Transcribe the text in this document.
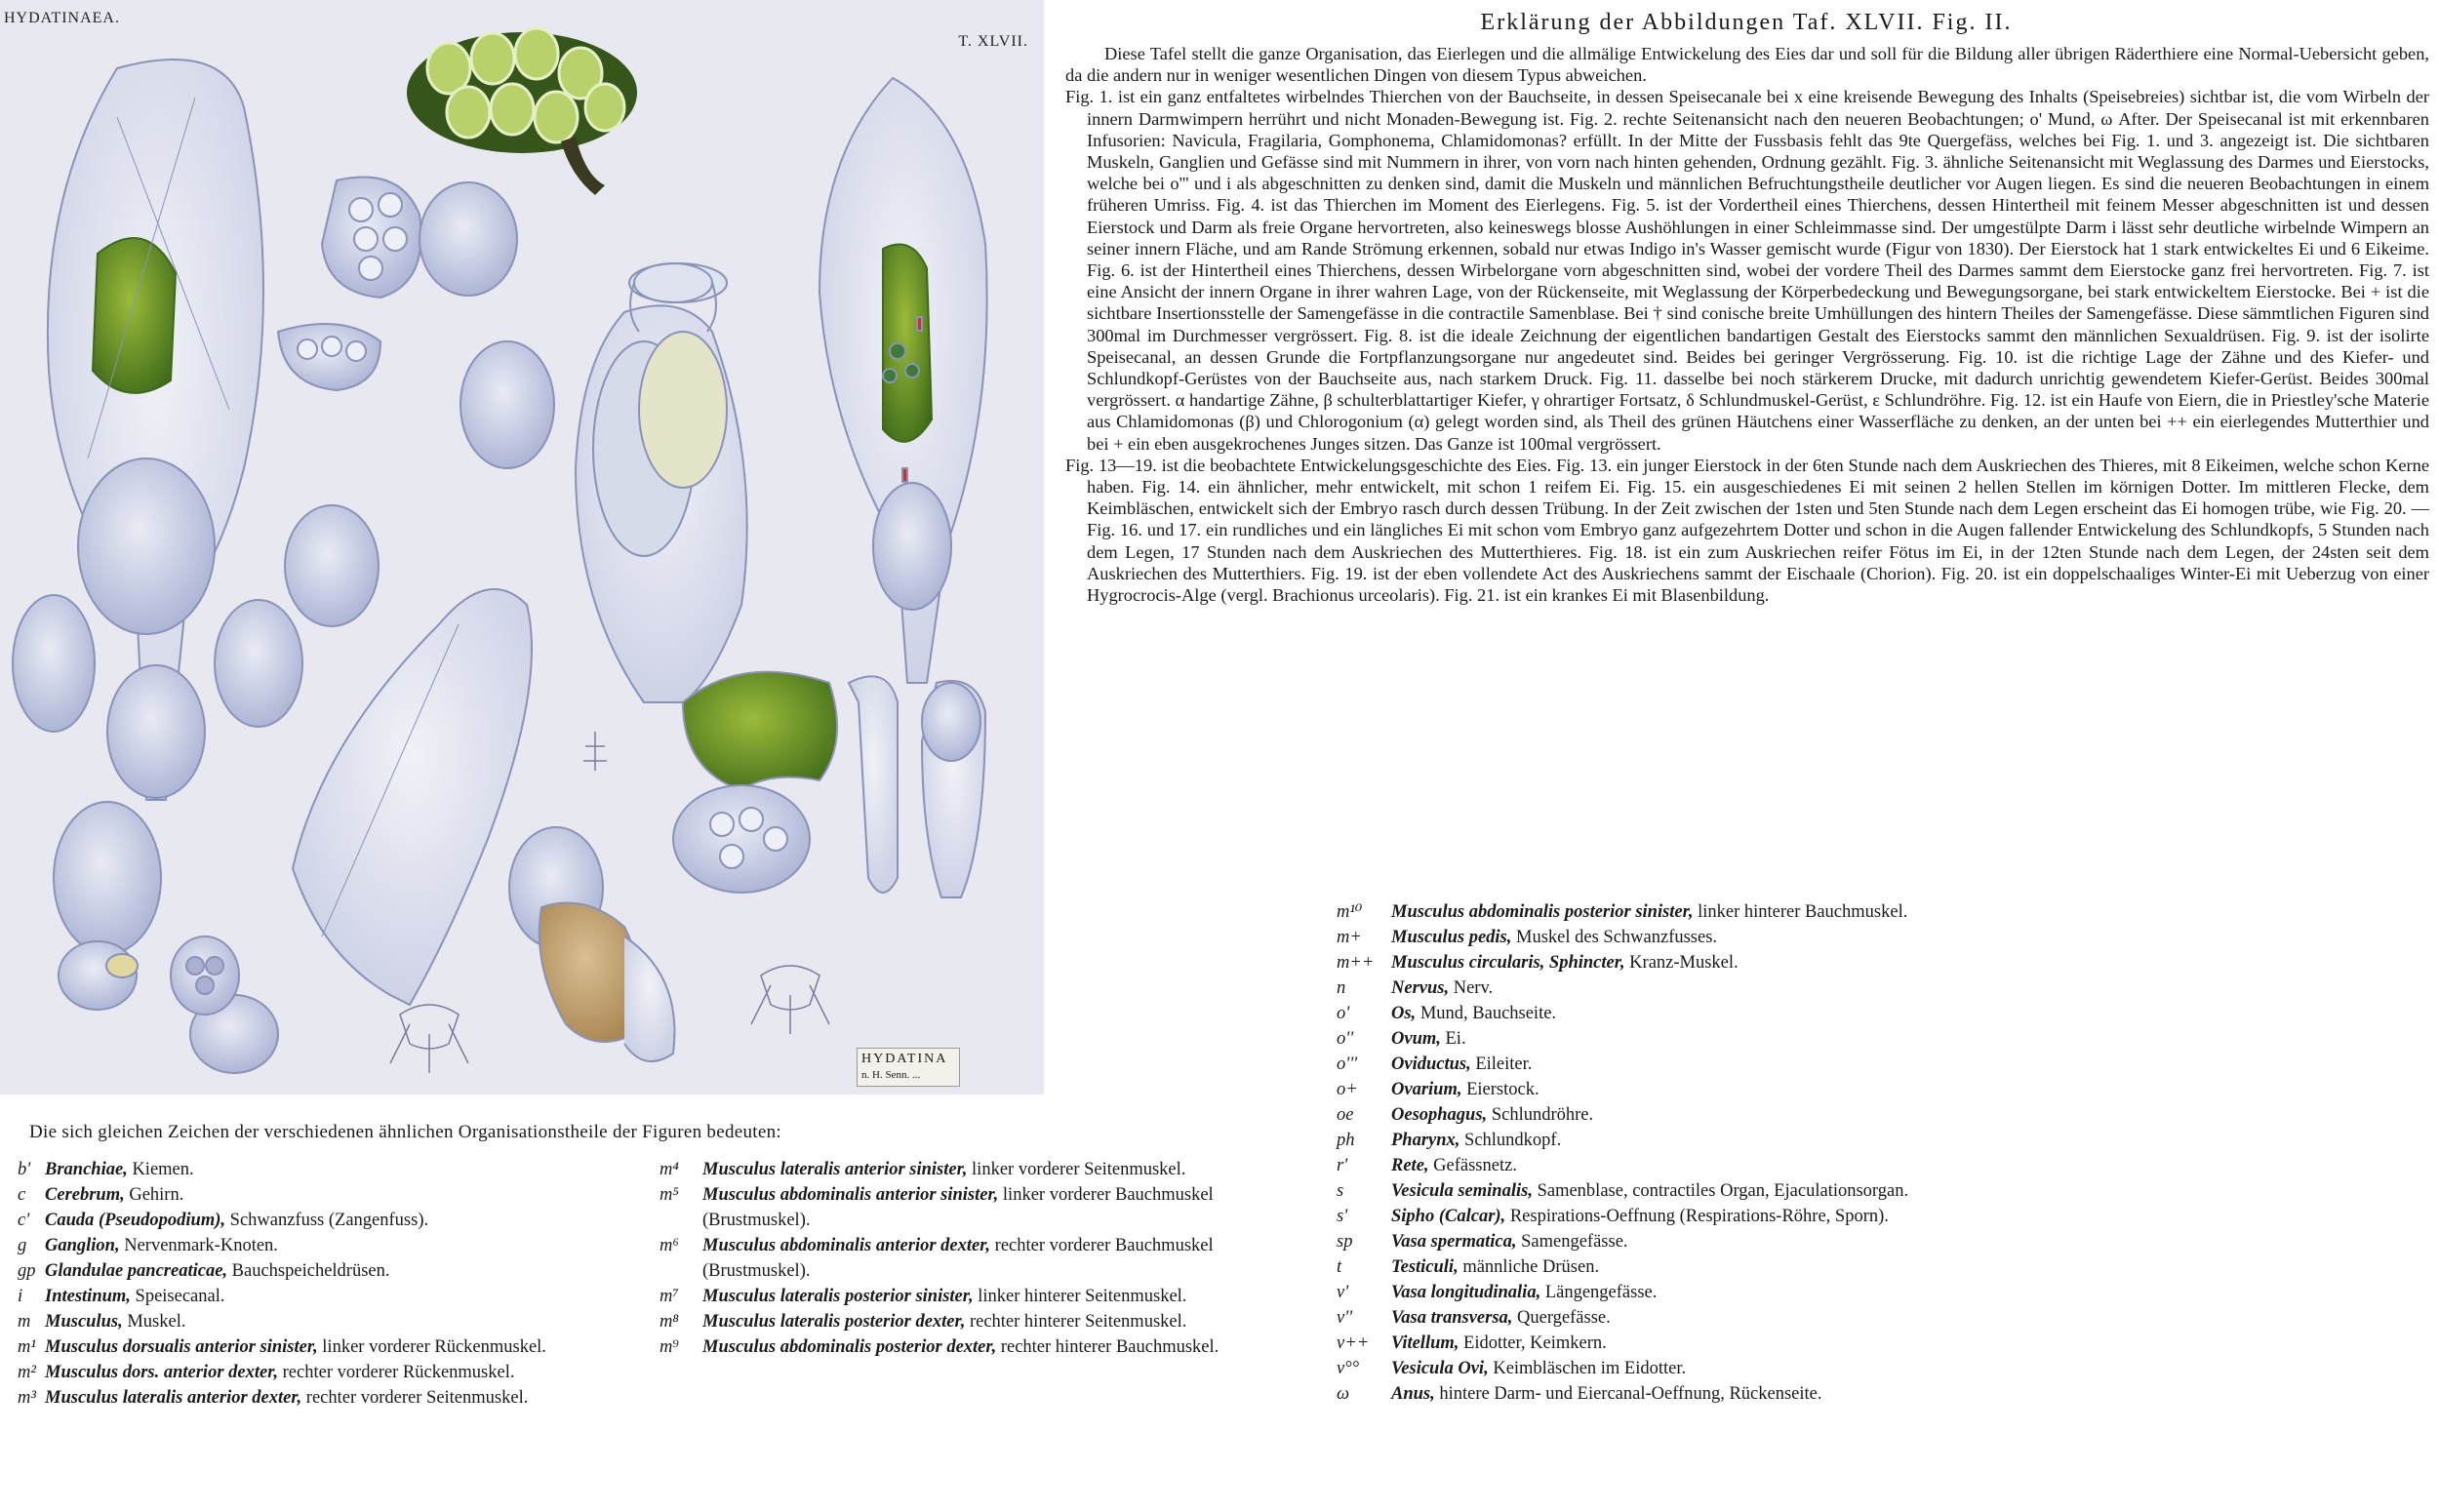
HYDATINAEA.
T. XLVII.
HYDATINA
n. H. Senn. ...
Erklärung der Abbildungen Taf. XLVII. Fig. II.

Diese Tafel stellt die ganze Organisation, das Eierlegen und die allmälige Entwickelung des Eies dar und soll für die Bildung aller übrigen Räderthiere eine Normal-Uebersicht geben, da die andern nur in weniger wesentlichen Dingen von diesem Typus abweichen.

Fig. 1. ist ein ganz entfaltetes wirbelndes Thierchen von der Bauchseite, in dessen Speisecanale bei x eine kreisende Bewegung des Inhalts (Speisebreies) sichtbar ist, die vom Wirbeln der innern Darmwimpern herrührt und nicht Monaden-Bewegung ist. Fig. 2. rechte Seitenansicht nach den neueren Beobachtungen; o' Mund, ω After. Der Speisecanal ist mit erkennbaren Infusorien: Navicula, Fragilaria, Gomphonema, Chlamidomonas? erfüllt. In der Mitte der Fussbasis fehlt das 9te Quergefäss, welches bei Fig. 1. und 3. angezeigt ist. Die sichtbaren Muskeln, Ganglien und Gefässe sind mit Nummern in ihrer, von vorn nach hinten gehenden, Ordnung gezählt. Fig. 3. ähnliche Seitenansicht mit Weglassung des Darmes und Eierstocks, welche bei o''' und i als abgeschnitten zu denken sind, damit die Muskeln und männlichen Befruchtungstheile deutlicher vor Augen liegen. Es sind die neueren Beobachtungen in einem früheren Umriss. Fig. 4. ist das Thierchen im Moment des Eierlegens. Fig. 5. ist der Vordertheil eines Thierchens, dessen Hintertheil mit feinem Messer abgeschnitten ist und dessen Eierstock und Darm als freie Organe hervortreten, also keineswegs blosse Aushöhlungen in einer Schleimmasse sind. Der umgestülpte Darm i lässt sehr deutliche wirbelnde Wimpern an seiner innern Fläche, und am Rande Strömung erkennen, sobald nur etwas Indigo in's Wasser gemischt wurde (Figur von 1830). Der Eierstock hat 1 stark entwickeltes Ei und 6 Eikeime. Fig. 6. ist der Hintertheil eines Thierchens, dessen Wirbelorgane vorn abgeschnitten sind, wobei der vordere Theil des Darmes sammt dem Eierstocke ganz frei hervortreten. Fig. 7. ist eine Ansicht der innern Organe in ihrer wahren Lage, von der Rückenseite, mit Weglassung der Körperbedeckung und Bewegungsorgane, bei stark entwickeltem Eierstocke. Bei + ist die sichtbare Insertionsstelle der Samengefässe in die contractile Samenblase. Bei † sind conische breite Umhüllungen des hintern Theiles der Samengefässe. Diese sämmtlichen Figuren sind 300mal im Durchmesser vergrössert. Fig. 8. ist die ideale Zeichnung der eigentlichen bandartigen Gestalt des Eierstocks sammt den männlichen Sexualdrüsen. Fig. 9. ist der isolirte Speisecanal, an dessen Grunde die Fortpflanzungsorgane nur angedeutet sind. Beides bei geringer Vergrösserung. Fig. 10. ist die richtige Lage der Zähne und des Kiefer- und Schlundkopf-Gerüstes von der Bauchseite aus, nach starkem Druck. Fig. 11. dasselbe bei noch stärkerem Drucke, mit dadurch unrichtig gewendetem Kiefer-Gerüst. Beides 300mal vergrössert. α handartige Zähne, β schulterblattartiger Kiefer, γ ohrartiger Fortsatz, δ Schlundmuskel-Gerüst, ε Schlundröhre. Fig. 12. ist ein Haufe von Eiern, die in Priestley'sche Materie aus Chlamidomonas (β) und Chlorogonium (α) gelegt worden sind, als Theil des grünen Häutchens einer Wasserfläche zu denken, an der unten bei ++ ein eierlegendes Mutterthier und bei + ein eben ausgekrochenes Junges sitzen. Das Ganze ist 100mal vergrössert.

Fig. 13—19. ist die beobachtete Entwickelungsgeschichte des Eies. Fig. 13. ein junger Eierstock in der 6ten Stunde nach dem Auskriechen des Thieres, mit 8 Eikeimen, welche schon Kerne haben. Fig. 14. ein ähnlicher, mehr entwickelt, mit schon 1 reifem Ei. Fig. 15. ein ausgeschiedenes Ei mit seinen 2 hellen Stellen im körnigen Dotter. Im mittleren Flecke, dem Keimbläschen, entwickelt sich der Embryo rasch durch dessen Trübung. In der Zeit zwischen der 1sten und 5ten Stunde nach dem Legen erscheint das Ei homogen trübe, wie Fig. 20. — Fig. 16. und 17. ein rundliches und ein längliches Ei mit schon vom Embryo ganz aufgezehrtem Dotter und schon in die Augen fallender Entwickelung des Schlundkopfs, 5 Stunden nach dem Legen, 17 Stunden nach dem Auskriechen des Mutterthieres. Fig. 18. ist ein zum Auskriechen reifer Fötus im Ei, in der 12ten Stunde nach dem Legen, der 24sten seit dem Auskriechen des Mutterthiers. Fig. 19. ist der eben vollendete Act des Auskriechens sammt der Eischaale (Chorion). Fig. 20. ist ein doppelschaaliges Winter-Ei mit Ueberzug von einer Hygrocrocis-Alge (vergl. Brachionus urceolaris). Fig. 21. ist ein krankes Ei mit Blasenbildung.

Die sich gleichen Zeichen der verschiedenen ähnlichen Organisationstheile der Figuren bedeuten:
b' Branchiae, Kiemen.
c	Cerebrum, Gehirn.
c' Cauda (Pseudopodium), Schwanzfuss (Zangenfuss).
g	Ganglion, Nervenmark-Knoten.
gp Glandulae pancreaticae, Bauchspeicheldrüsen.
i	Intestinum, Speisecanal.
m Musculus, Muskel.
m¹ Musculus dorsualis anterior sinister, linker vorderer Rückenmuskel.
m² Musculus dors. anterior dexter, rechter vorderer Rückenmuskel.
m³ Musculus lateralis anterior dexter, rechter vorderer Seitenmuskel.
m⁴	Musculus lateralis anterior sinister, linker vorderer Seitenmuskel.
m⁵	Musculus abdominalis anterior sinister, linker vorderer Bauchmuskel (Brustmuskel).
m⁶	Musculus abdominalis anterior dexter, rechter vorderer Bauchmuskel (Brustmuskel).
m⁷	Musculus lateralis posterior sinister, linker hinterer Seitenmuskel.
m⁸	Musculus lateralis posterior dexter, rechter hinterer Seitenmuskel.
m⁹	Musculus abdominalis posterior dexter, rechter hinterer Bauchmuskel.
m¹⁰	Musculus abdominalis posterior sinister, linker hinterer Bauchmuskel.
m+	Musculus pedis, Muskel des Schwanzfusses.
m++ Musculus circularis, Sphincter, Kranz-Muskel.
n	Nervus, Nerv.
o'	Os, Mund, Bauchseite.
o''	Ovum, Ei.
o'''	Oviductus, Eileiter.
o+	Ovarium, Eierstock.
oe	Oesophagus, Schlundröhre.
ph	Pharynx, Schlundkopf.
r'	Rete, Gefässnetz.
s	Vesicula seminalis, Samenblase, contractiles Organ, Ejaculationsorgan.
s'	Sipho (Calcar), Respirations-Oeffnung (Respirations-Röhre, Sporn).
sp	Vasa spermatica, Samengefässe.
t	Testiculi, männliche Drüsen.
v'	Vasa longitudinalia, Längengefässe.
v''	Vasa transversa, Quergefässe.
v++	Vitellum, Eidotter, Keimkern.
v°°	Vesicula Ovi, Keimbläschen im Eidotter.
ω	Anus, hintere Darm- und Eiercanal-Oeffnung, Rückenseite.
